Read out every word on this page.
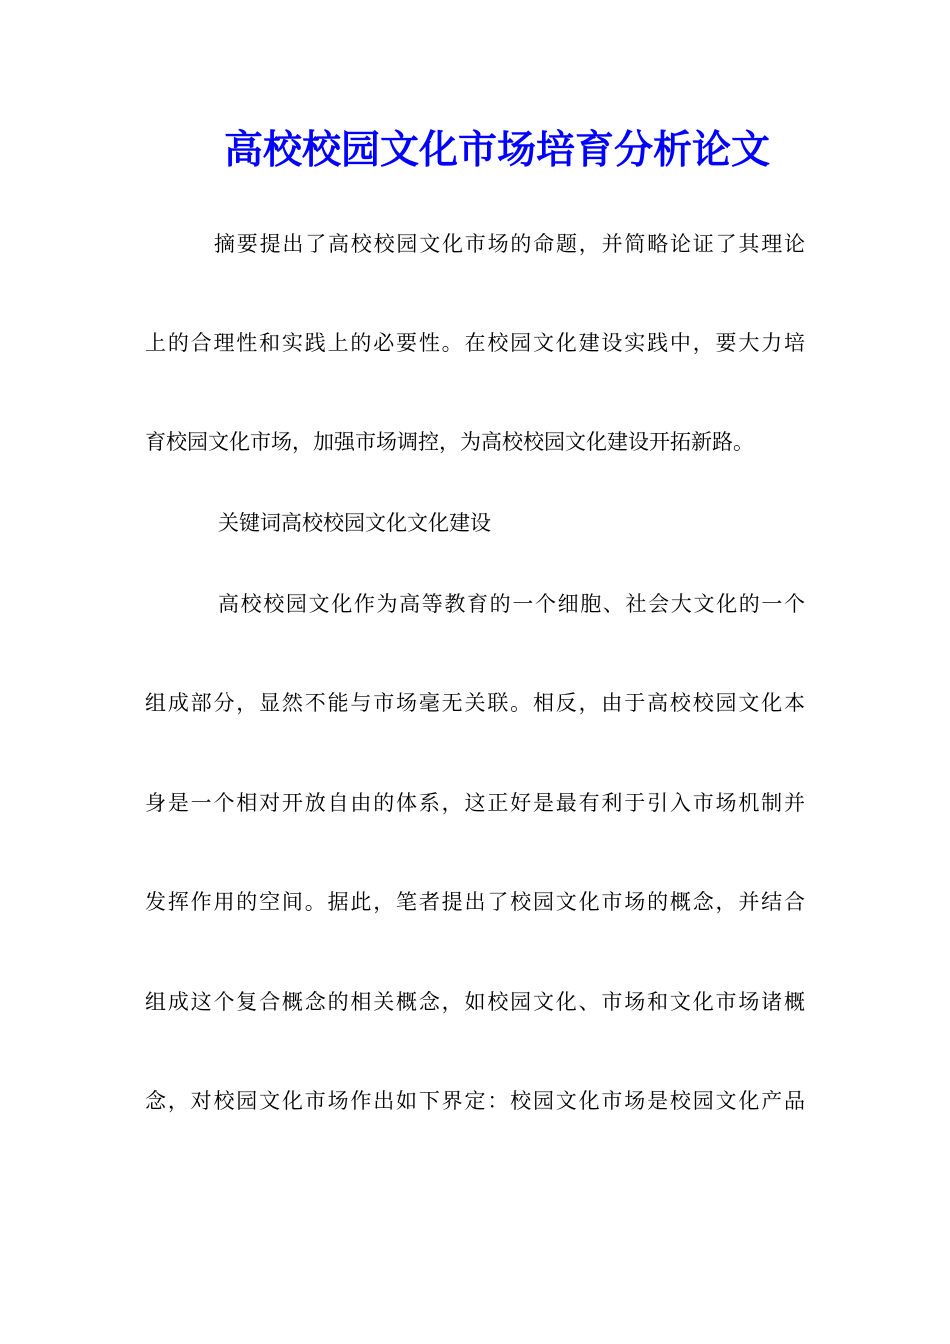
高校校园文化市场培育分析论文

摘要提出了高校校园文化市场的命题，并简略论证了其理论

上的合理性和实践上的必要性。在校园文化建设实践中，要大力培

育校园文化市场，加强市场调控，为高校校园文化建设开拓新路。

关键词高校校园文化文化建设

高校校园文化作为高等教育的一个细胞、社会大文化的一个

组成部分，显然不能与市场毫无关联。相反，由于高校校园文化本

身是一个相对开放自由的体系，这正好是最有利于引入市场机制并

发挥作用的空间。据此，笔者提出了校园文化市场的概念，并结合

组成这个复合概念的相关概念，如校园文化、市场和文化市场诸概

念，对校园文化市场作出如下界定：校园文化市场是校园文化产品
